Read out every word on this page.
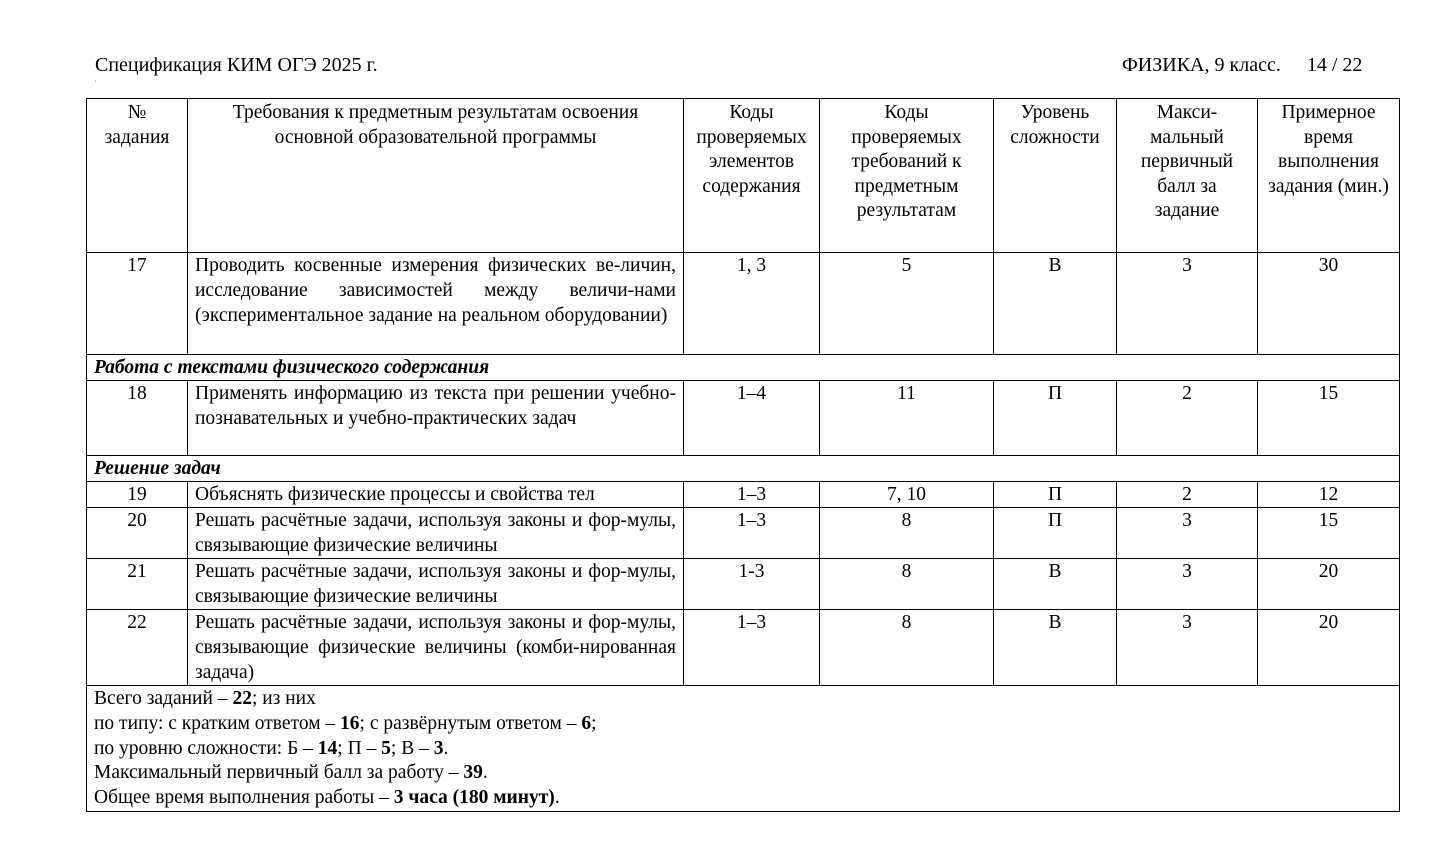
Спецификация КИМ ОГЭ 2025 г.	ФИЗИКА, 9 класс. 14 / 22
№ задания	Требования к предметным результатам освоения основной образовательной программы	Коды проверяемых элементов содержания	Коды проверяемых требований к предметным результатам	Уровень сложности	Макси-мальный первичный балл за задание	Примерное время выполнения задания (мин.)
17	Проводить косвенные измерения физических ве-личин, исследование зависимостей между величи-нами (экспериментальное задание на реальном оборудовании)	1, 3	5	В	3	30
Работа с текстами физического содержания						
18	Применять информацию из текста при решении учебно-познавательных и учебно-практических задач	1–4	11	П	2	15
Решение задач						
19	Объяснять физические процессы и свойства тел	1–3	7, 10	П	2	12
20	Решать расчётные задачи, используя законы и фор-мулы, связывающие физические величины	1–3	8	П	3	15
21	Решать расчётные задачи, используя законы и фор-мулы, связывающие физические величины	1-3	8	В	3	20
22	Решать расчётные задачи, используя законы и фор-мулы, связывающие физические величины (комби-нированная задача)	1–3	8	В	3	20

Всего заданий – 22; из них
по типу: с кратким ответом – 16; с развёрнутым ответом – 6;
по уровню сложности: Б – 14; П – 5; В – 3.
Максимальный первичный балл за работу – 39.
Общее время выполнения работы – 3 часа (180 минут).						
